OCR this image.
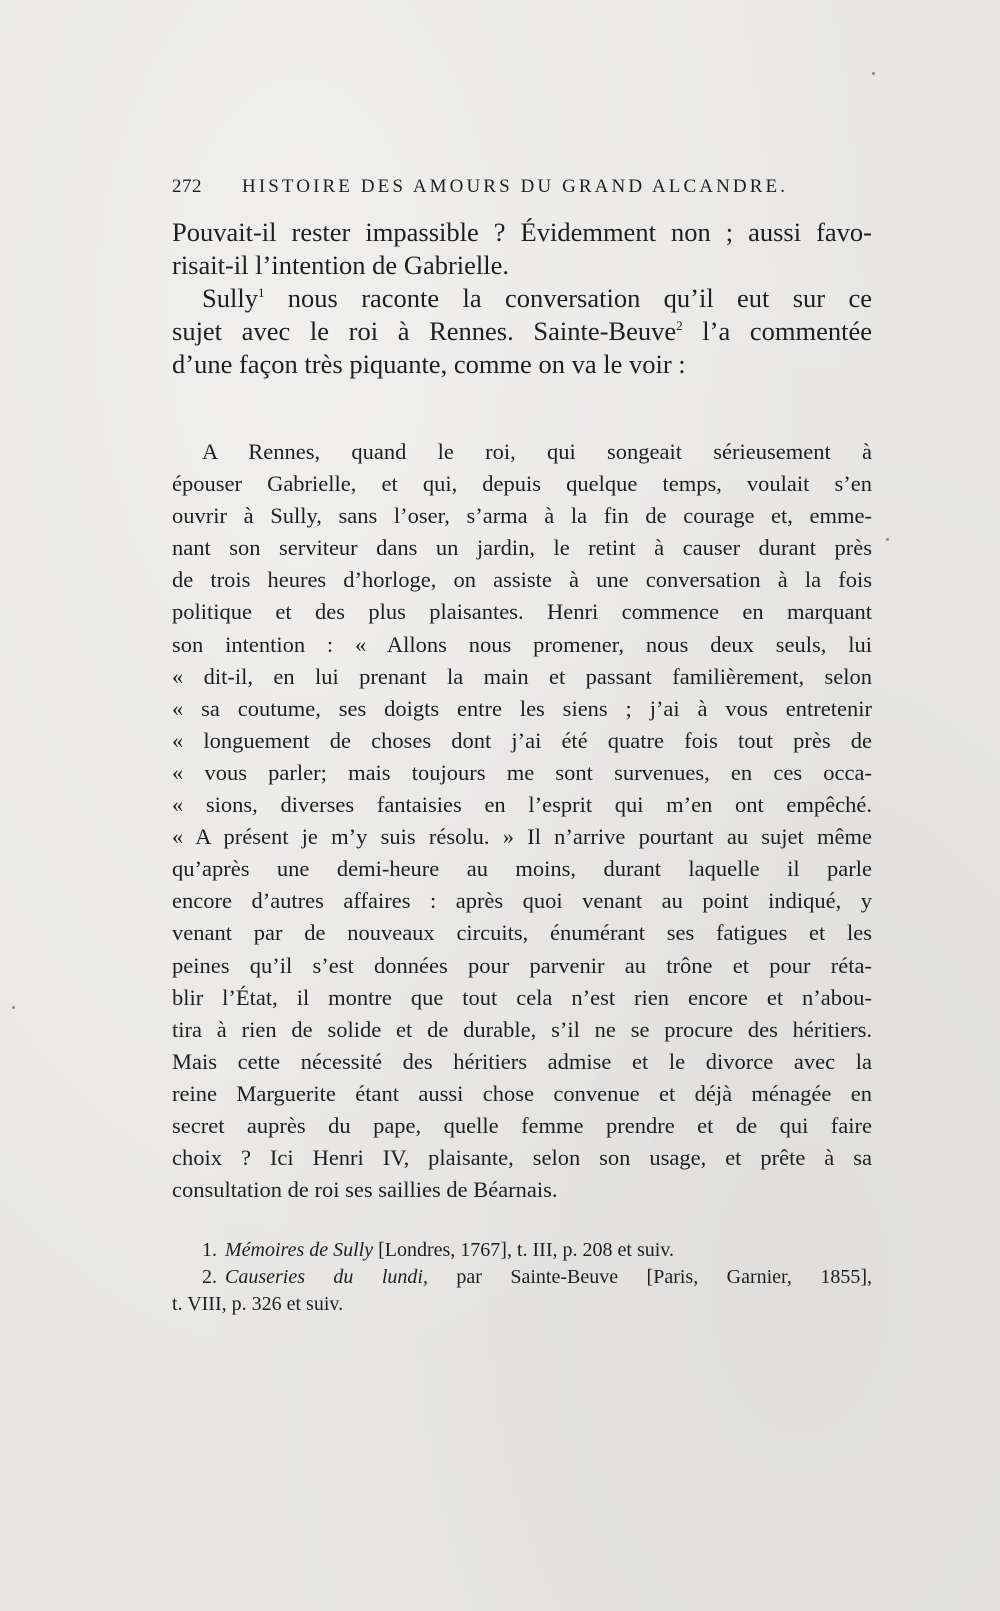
272	HISTOIRE DES AMOURS DU GRAND ALCANDRE.
Pouvait-il rester impassible ? Évidemment non ; aussi favo-
risait-il l’intention de Gabrielle.
Sully$^1$ nous raconte la conversation qu’il eut sur ce
sujet avec le roi à Rennes. Sainte-Beuve$^2$ l’a commentée
d’une façon très piquante, comme on va le voir :
A Rennes, quand le roi, qui songeait sérieusement à
épouser Gabrielle, et qui, depuis quelque temps, voulait s’en
ouvrir à Sully, sans l’oser, s’arma à la fin de courage et, emme-
nant son serviteur dans un jardin, le retint à causer durant près
de trois heures d’horloge, on assiste à une conversation à la fois
politique et des plus plaisantes. Henri commence en marquant
son intention : « Allons nous promener, nous deux seuls, lui
« dit-il, en lui prenant la main et passant familièrement, selon
« sa coutume, ses doigts entre les siens ; j’ai à vous entretenir
« longuement de choses dont j’ai été quatre fois tout près de
« vous parler; mais toujours me sont survenues, en ces occa-
« sions, diverses fantaisies en l’esprit qui m’en ont empêché.
« A présent je m’y suis résolu. » Il n’arrive pourtant au sujet même
qu’après une demi-heure au moins, durant laquelle il parle
encore d’autres affaires : après quoi venant au point indiqué, y
venant par de nouveaux circuits, énumérant ses fatigues et les
peines qu’il s’est données pour parvenir au trône et pour réta-
blir l’État, il montre que tout cela n’est rien encore et n’abou-
tira à rien de solide et de durable, s’il ne se procure des héritiers.
Mais cette nécessité des héritiers admise et le divorce avec la
reine Marguerite étant aussi chose convenue et déjà ménagée en
secret auprès du pape, quelle femme prendre et de qui faire
choix ? Ici Henri IV, plaisante, selon son usage, et prête à sa
consultation de roi ses saillies de Béarnais.
1. Mémoires de Sully [Londres, 1767], t. III, p. 208 et suiv.
2. Causeries du lundi, par Sainte-Beuve [Paris, Garnier, 1855],
t. VIII, p. 326 et suiv.
